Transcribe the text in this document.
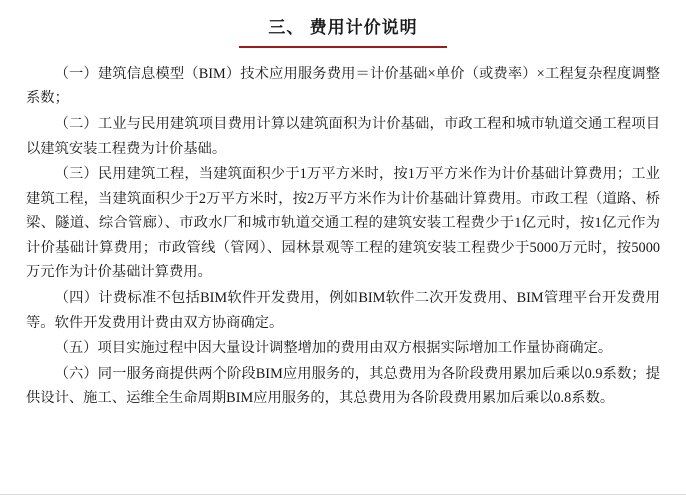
三、 费用计价说明

（一）建筑信息模型（BIM）技术应用服务费用＝计价基础×单价（或费率）×工程复杂程度调整系数；

（二）工业与民用建筑项目费用计算以建筑面积为计价基础，市政工程和城市轨道交通工程项目以建筑安装工程费为计价基础。

（三）民用建筑工程，当建筑面积少于1万平方米时，按1万平方米作为计价基础计算费用；工业建筑工程，当建筑面积少于2万平方米时，按2万平方米作为计价基础计算费用。市政工程（道路、桥梁、隧道、综合管廊）、市政水厂和城市轨道交通工程的建筑安装工程费少于1亿元时，按1亿元作为计价基础计算费用；市政管线（管网）、园林景观等工程的建筑安装工程费少于5000万元时，按5000万元作为计价基础计算费用。

（四）计费标准不包括BIM软件开发费用，例如BIM软件二次开发费用、BIM管理平台开发费用等。软件开发费用计费由双方协商确定。

（五）项目实施过程中因大量设计调整增加的费用由双方根据实际增加工作量协商确定。

（六）同一服务商提供两个阶段BIM应用服务的，其总费用为各阶段费用累加后乘以0.9系数；提供设计、施工、运维全生命周期BIM应用服务的，其总费用为各阶段费用累加后乘以0.8系数。
